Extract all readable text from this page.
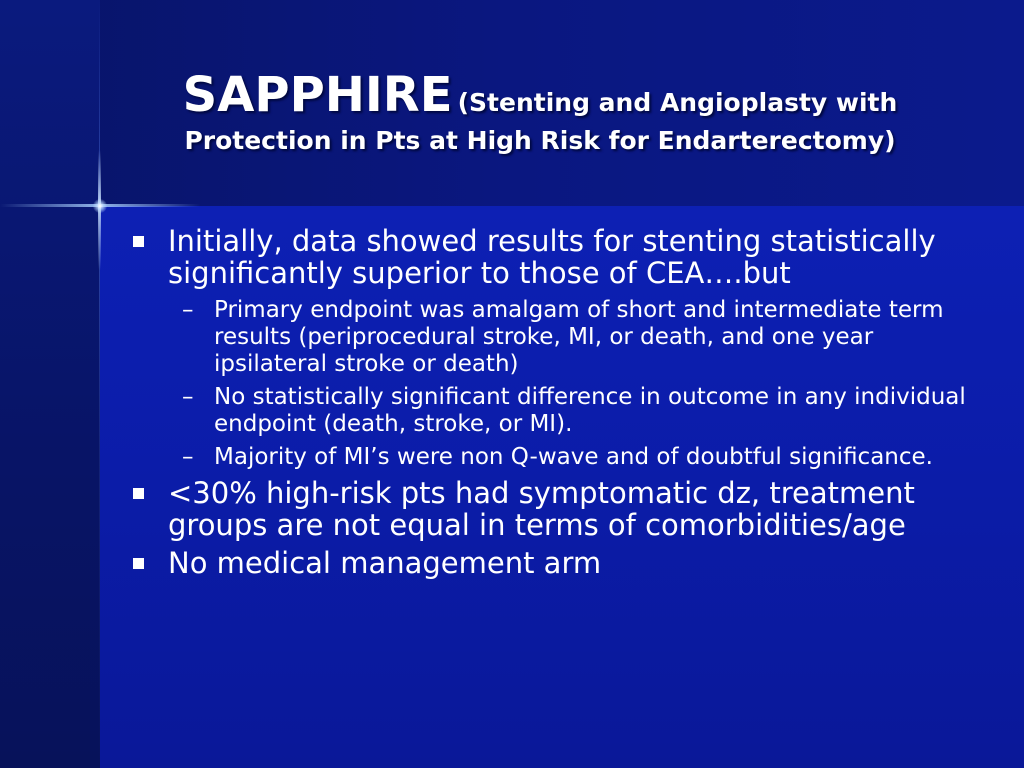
SAPPHIRE (Stenting and Angioplasty with
Protection in Pts at High Risk for Endarterectomy)
Initially, data showed results for stenting statistically significantly superior to those of CEA….but
– Primary endpoint was amalgam of short and intermediate term results (periprocedural stroke, MI, or death, and one year ipsilateral stroke or death)
– No statistically significant difference in outcome in any individual endpoint (death, stroke, or MI).
– Majority of MI’s were non Q-wave and of doubtful significance.
<30% high-risk pts had symptomatic dz, treatment groups are not equal in terms of comorbidities/age
No medical management arm
